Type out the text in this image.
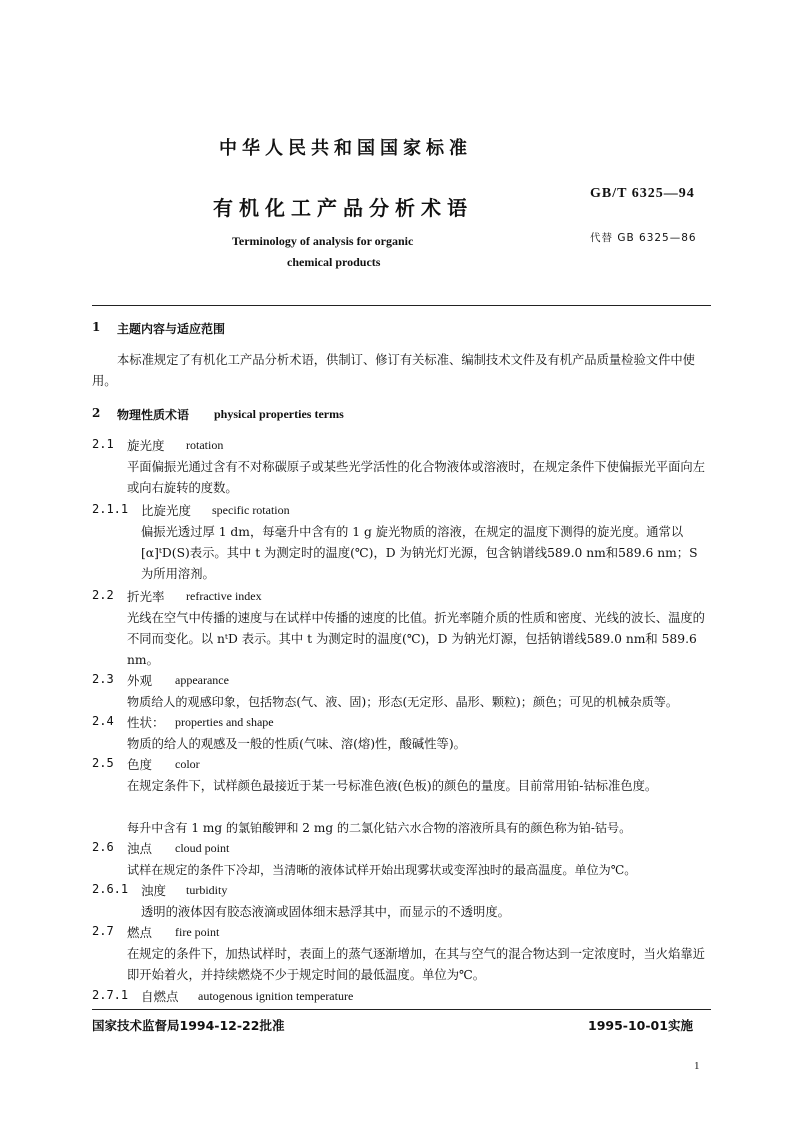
中华人民共和国国家标准
有机化工产品分析术语
GB/T 6325—94
Terminology of analysis for organic
chemical products
代替 GB 6325—86
1 主题内容与适应范围
本标准规定了有机化工产品分析术语，供制订、修订有关标准、编制技术文件及有机产品质量检验文件中使用。
2 物理性质术语 physical properties terms
2.1 旋光度 rotation
平面偏振光通过含有不对称碳原子或某些光学活性的化合物液体或溶液时，在规定条件下使偏振光平面向左或向右旋转的度数。
2.1.1 比旋光度 specific rotation
偏振光透过厚 1 dm，每毫升中含有的 1 g 旋光物质的溶液，在规定的温度下测得的旋光度。通常以[α]ᵗD(S)表示。其中 t 为测定时的温度(℃)，D 为钠光灯光源，包含钠谱线589.0 nm和589.6 nm；S 为所用溶剂。
2.2 折光率 refractive index
光线在空气中传播的速度与在试样中传播的速度的比值。折光率随介质的性质和密度、光线的波长、温度的不同而变化。以 nᵗD 表示。其中 t 为测定时的温度(℃)，D 为钠光灯源，包括钠谱线589.0 nm和 589.6 nm。
2.3 外观 appearance
物质给人的观感印象，包括物态(气、液、固)；形态(无定形、晶形、颗粒)；颜色；可见的机械杂质等。
2.4 性状： properties and shape
物质的给人的观感及一般的性质(气味、溶(熔)性，酸碱性等)。
2.5 色度 color
在规定条件下，试样颜色最接近于某一号标准色液(色板)的颜色的量度。目前常用铂-钴标准色度。
每升中含有 1 mg 的氯铂酸钾和 2 mg 的二氯化钴六水合物的溶液所具有的颜色称为铂-钴号。
2.6 浊点 cloud point
试样在规定的条件下冷却，当清晰的液体试样开始出现雾状或变浑浊时的最高温度。单位为℃。
2.6.1 浊度 turbidity
透明的液体因有胶态液滴或固体细末悬浮其中，而显示的不透明度。
2.7 燃点 fire point
在规定的条件下，加热试样时，表面上的蒸气逐渐增加，在其与空气的混合物达到一定浓度时，当火焰靠近即开始着火，并持续燃烧不少于规定时间的最低温度。单位为℃。
2.7.1 自燃点 autogenous ignition temperature
国家技术监督局1994-12-22批准	1995-10-01实施
1
